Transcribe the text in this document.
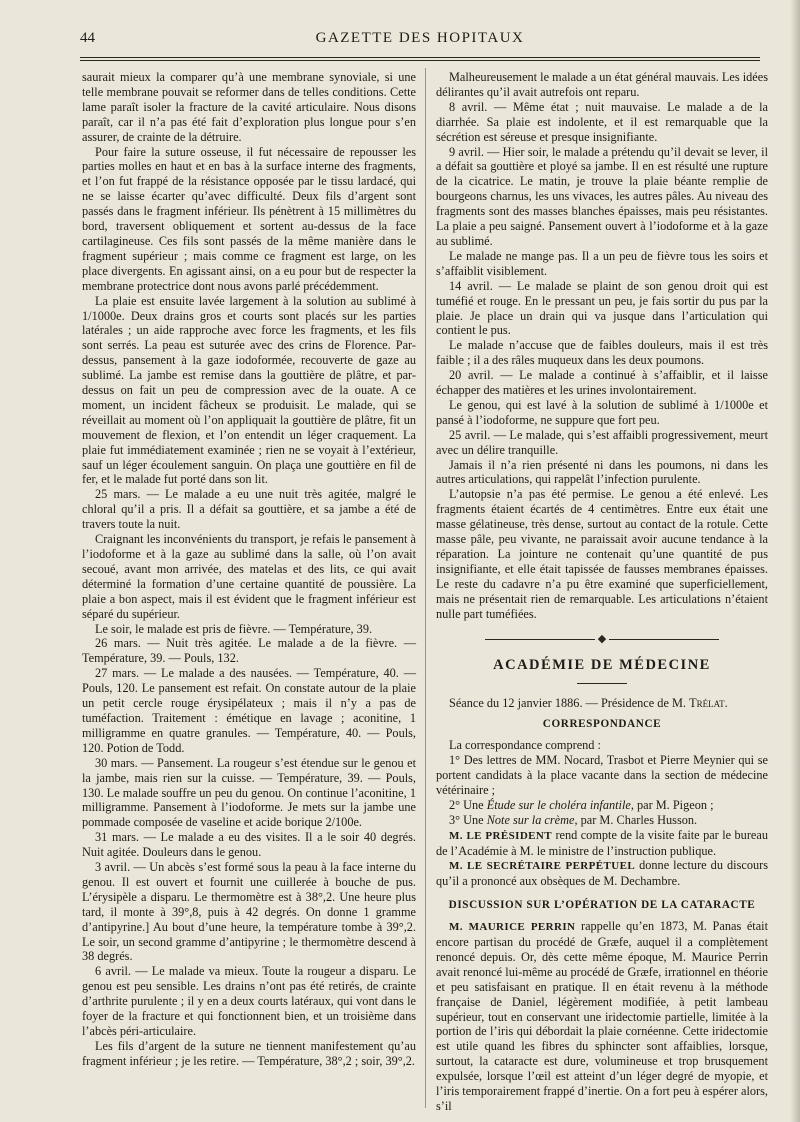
44	GAZETTE DES HOPITAUX

saurait mieux la comparer qu’à une membrane synoviale, si une telle membrane pouvait se reformer dans de telles conditions. Cette lame paraît isoler la fracture de la cavité articulaire. Nous disons paraît, car il n’a pas été fait d’exploration plus longue pour s’en assurer, de crainte de la détruire.

Pour faire la suture osseuse, il fut nécessaire de repousser les parties molles en haut et en bas à la surface interne des fragments, et l’on fut frappé de la résistance opposée par le tissu lardacé, qui ne se laisse écarter qu’avec difficulté. Deux fils d’argent sont passés dans le fragment inférieur. Ils pénètrent à 15 millimètres du bord, traversent obliquement et sortent au-dessus de la face cartilagineuse. Ces fils sont passés de la même manière dans le fragment supérieur ; mais comme ce fragment est large, on les place divergents. En agissant ainsi, on a eu pour but de respecter la membrane protectrice dont nous avons parlé précédemment.

La plaie est ensuite lavée largement à la solution au sublimé à 1/1000e. Deux drains gros et courts sont placés sur les parties latérales ; un aide rapproche avec force les fragments, et les fils sont serrés. La peau est suturée avec des crins de Florence. Par-dessus, pansement à la gaze iodoformée, recouverte de gaze au sublimé. La jambe est remise dans la gouttière de plâtre, et par-dessus on fait un peu de compression avec de la ouate. A ce moment, un incident fâcheux se produisit. Le malade, qui se réveillait au moment où l’on appliquait la gouttière de plâtre, fit un mouvement de flexion, et l’on entendit un léger craquement. La plaie fut immédiatement examinée ; rien ne se voyait à l’extérieur, sauf un léger écoulement sanguin. On plaça une gouttière en fil de fer, et le malade fut porté dans son lit.

25 mars. — Le malade a eu une nuit très agitée, malgré le chloral qu’il a pris. Il a défait sa gouttière, et sa jambe a été de travers toute la nuit.

Craignant les inconvénients du transport, je refais le pansement à l’iodoforme et à la gaze au sublimé dans la salle, où l’on avait secoué, avant mon arrivée, des matelas et des lits, ce qui avait déterminé la formation d’une certaine quantité de poussière. La plaie a bon aspect, mais il est évident que le fragment inférieur est séparé du supérieur.

Le soir, le malade est pris de fièvre. — Température, 39.

26 mars. — Nuit très agitée. Le malade a de la fièvre. — Température, 39. — Pouls, 132.

27 mars. — Le malade a des nausées. — Température, 40. — Pouls, 120. Le pansement est refait. On constate autour de la plaie un petit cercle rouge érysipélateux ; mais il n’y a pas de tuméfaction. Traitement : émétique en lavage ; aconitine, 1 milligramme en quatre granules. — Température, 40. — Pouls, 120. Potion de Todd.

30 mars. — Pansement. La rougeur s’est étendue sur le genou et la jambe, mais rien sur la cuisse. — Température, 39. — Pouls, 130. Le malade souffre un peu du genou. On continue l’aconitine, 1 milligramme. Pansement à l’iodoforme. Je mets sur la jambe une pommade composée de vaseline et acide borique 2/100e.

31 mars. — Le malade a eu des visites. Il a le soir 40 degrés. Nuit agitée. Douleurs dans le genou.

3 avril. — Un abcès s’est formé sous la peau à la face interne du genou. Il est ouvert et fournit une cuillerée à bouche de pus. L’érysipèle a disparu. Le thermomètre est à 38°,2. Une heure plus tard, il monte à 39°,8, puis à 42 degrés. On donne 1 gramme d’antipyrine.] Au bout d’une heure, la température tombe à 39°,2. Le soir, un second gramme d’antipyrine ; le thermomètre descend à 38 degrés.

6 avril. — Le malade va mieux. Toute la rougeur a disparu. Le genou est peu sensible. Les drains n’ont pas été retirés, de crainte d’arthrite purulente ; il y en a deux courts latéraux, qui vont dans le foyer de la fracture et qui fonctionnent bien, et un troisième dans l’abcès péri-articulaire.

Les fils d’argent de la suture ne tiennent manifestement qu’au fragment inférieur ; je les retire. — Température, 38°,2 ; soir, 39°,2.

Malheureusement le malade a un état général mauvais. Les idées délirantes qu’il avait autrefois ont reparu.

8 avril. — Même état ; nuit mauvaise. Le malade a de la diarrhée. Sa plaie est indolente, et il est remarquable que la sécrétion est séreuse et presque insignifiante.

9 avril. — Hier soir, le malade a prétendu qu’il devait se lever, il a défait sa gouttière et ployé sa jambe. Il en est résulté une rupture de la cicatrice. Le matin, je trouve la plaie béante remplie de bourgeons charnus, les uns vivaces, les autres pâles. Au niveau des fragments sont des masses blanches épaisses, mais peu résistantes. La plaie a peu saigné. Pansement ouvert à l’iodoforme et à la gaze au sublimé.

Le malade ne mange pas. Il a un peu de fièvre tous les soirs et s’affaiblit visiblement.

14 avril. — Le malade se plaint de son genou droit qui est tuméfié et rouge. En le pressant un peu, je fais sortir du pus par la plaie. Je place un drain qui va jusque dans l’articulation qui contient le pus.

Le malade n’accuse que de faibles douleurs, mais il est très faible ; il a des râles muqueux dans les deux poumons.

20 avril. — Le malade a continué à s’affaiblir, et il laisse échapper des matières et les urines involontairement.

Le genou, qui est lavé à la solution de sublimé à 1/1000e et pansé à l’iodoforme, ne suppure que fort peu.

25 avril. — Le malade, qui s’est affaibli progressivement, meurt avec un délire tranquille.

Jamais il n’a rien présenté ni dans les poumons, ni dans les autres articulations, qui rappelât l’infection purulente.

L’autopsie n’a pas été permise. Le genou a été enlevé. Les fragments étaient écartés de 4 centimètres. Entre eux était une masse gélatineuse, très dense, surtout au contact de la rotule. Cette masse pâle, peu vivante, ne paraissait avoir aucune tendance à la réparation. La jointure ne contenait qu’une quantité de pus insignifiante, et elle était tapissée de fausses membranes épaisses. Le reste du cadavre n’a pu être examiné que superficiellement, mais ne présentait rien de remarquable. Les articulations n’étaient nulle part tuméfiées.

◆
ACADÉMIE DE MÉDECINE

Séance du 12 janvier 1886. — Présidence de M. Trélat.

CORRESPONDANCE

La correspondance comprend :

1° Des lettres de MM. Nocard, Trasbot et Pierre Meynier qui se portent candidats à la place vacante dans la section de médecine vétérinaire ;

2° Une Étude sur le choléra infantile, par M. Pigeon ;

3° Une Note sur la crème, par M. Charles Husson.

M. LE PRÉSIDENT rend compte de la visite faite par le bureau de l’Académie à M. le ministre de l’instruction publique.

M. LE SECRÉTAIRE PERPÉTUEL donne lecture du discours qu’il a prononcé aux obsèques de M. Dechambre.

DISCUSSION SUR L’OPÉRATION DE LA CATARACTE

M. MAURICE PERRIN rappelle qu’en 1873, M. Panas était encore partisan du procédé de Græfe, auquel il a complètement renoncé depuis. Or, dès cette même époque, M. Maurice Perrin avait renoncé lui-même au procédé de Græfe, irrationnel en théorie et peu satisfaisant en pratique. Il en était revenu à la méthode française de Daniel, légèrement modifiée, à petit lambeau supérieur, tout en conservant une iridectomie partielle, limitée à la portion de l’iris qui débordait la plaie cornéenne. Cette iridectomie est utile quand les fibres du sphincter sont affaiblies, lorsque, surtout, la cataracte est dure, volumineuse et trop brusquement expulsée, lorsque l’œil est atteint d’un léger degré de myopie, et l’iris temporairement frappé d’inertie. On a fort peu à espérer alors, s’il
